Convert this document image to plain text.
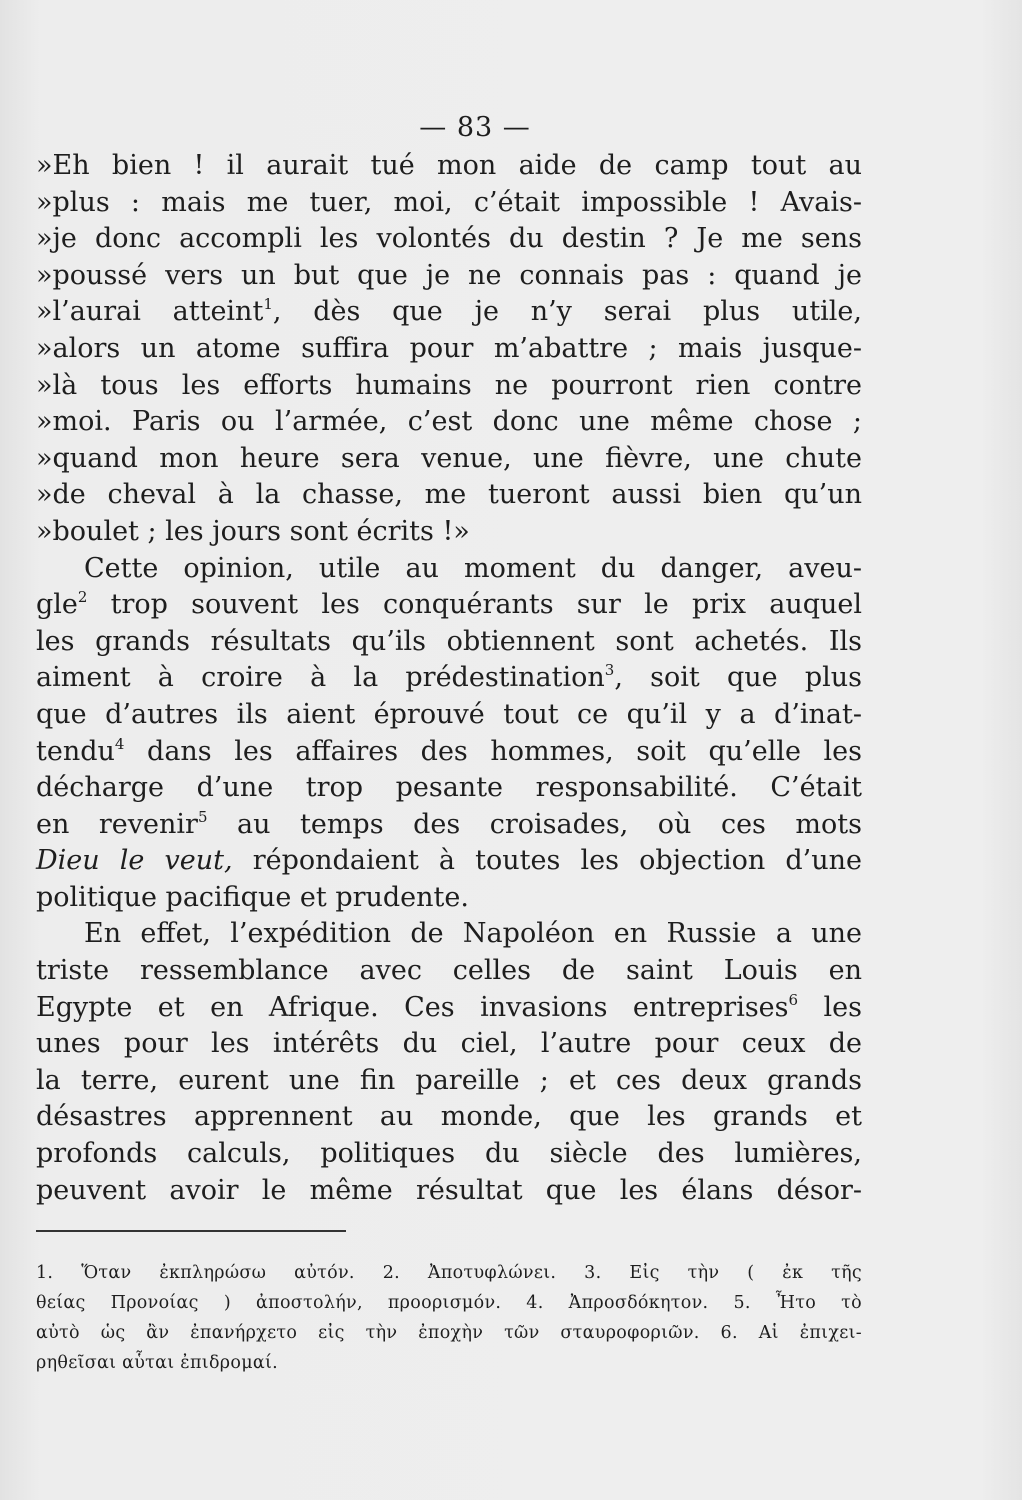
— 83 —
»Eh bien ! il aurait tué mon aide de camp tout au
»plus : mais me tuer, moi, c’était impossible ! Avais-
»je donc accompli les volontés du destin ? Je me sens
»poussé vers un but que je ne connais pas : quand je
»l’aurai atteint$^1$, dès que je n’y serai plus utile,
»alors un atome suffira pour m’abattre ; mais jusque-
»là tous les efforts humains ne pourront rien contre
»moi. Paris ou l’armée, c’est donc une même chose ;
»quand mon heure sera venue, une fièvre, une chute
»de cheval à la chasse, me tueront aussi bien qu’un
»boulet ; les jours sont écrits !»
Cette opinion, utile au moment du danger, aveu-
gle$^2$ trop souvent les conquérants sur le prix auquel
les grands résultats qu’ils obtiennent sont achetés. Ils
aiment à croire à la prédestination$^3$, soit que plus
que d’autres ils aient éprouvé tout ce qu’il y a d’inat-
tendu$^4$ dans les affaires des hommes, soit qu’elle les
décharge d’une trop pesante responsabilité. C’était
en revenir$^5$ au temps des croisades, où ces mots
Dieu le veut, répondaient à toutes les objection d’une
politique pacifique et prudente.
En effet, l’expédition de Napoléon en Russie a une
triste ressemblance avec celles de saint Louis en
Egypte et en Afrique. Ces invasions entreprises$^6$ les
unes pour les intérêts du ciel, l’autre pour ceux de
la terre, eurent une fin pareille ; et ces deux grands
désastres apprennent au monde, que les grands et
profonds calculs, politiques du siècle des lumières,
peuvent avoir le même résultat que les élans désor-
1. Ὅταν ἐκπληρώσω αὐτόν. 2. Ἀποτυφλώνει. 3. Εἰς τὴν ( ἐκ τῆς
θείας Προνοίας ) ἀποστολήν, προορισμόν. 4. Ἀπροσδόκητον. 5. Ἦτο τὸ
αὐτὸ ὡς ἂν ἐπανήρχετο εἰς τὴν ἐποχὴν τῶν σταυροφοριῶν. 6. Αἱ ἐπιχει-
ρηθεῖσαι αὗται ἐπιδρομαί.
